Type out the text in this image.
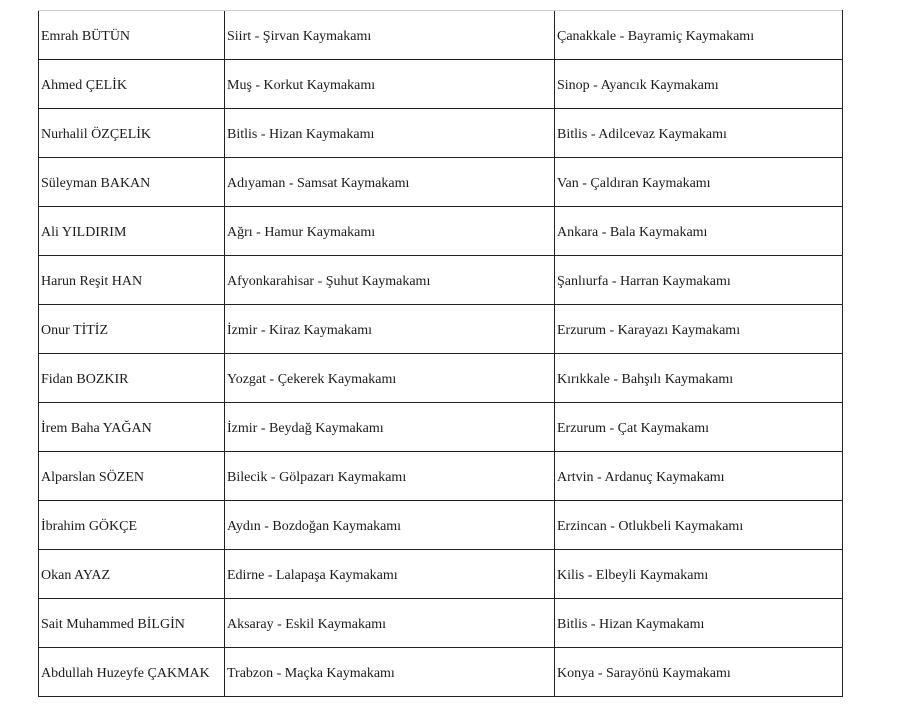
Emrah BÜTÜN	Siirt - Şirvan Kaymakamı	Çanakkale - Bayramiç Kaymakamı
Ahmed ÇELİK	Muş - Korkut Kaymakamı	Sinop - Ayancık Kaymakamı
Nurhalil ÖZÇELİK	Bitlis - Hizan Kaymakamı	Bitlis - Adilcevaz Kaymakamı
Süleyman BAKAN	Adıyaman - Samsat Kaymakamı	Van - Çaldıran Kaymakamı
Ali YILDIRIM	Ağrı - Hamur Kaymakamı	Ankara - Bala Kaymakamı
Harun Reşit HAN	Afyonkarahisar - Şuhut Kaymakamı	Şanlıurfa - Harran Kaymakamı
Onur TİTİZ	İzmir - Kiraz Kaymakamı	Erzurum - Karayazı Kaymakamı
Fidan BOZKIR	Yozgat - Çekerek Kaymakamı	Kırıkkale - Bahşılı Kaymakamı
İrem Baha YAĞAN	İzmir - Beydağ Kaymakamı	Erzurum - Çat Kaymakamı
Alparslan SÖZEN	Bilecik - Gölpazarı Kaymakamı	Artvin - Ardanuç Kaymakamı
İbrahim GÖKÇE	Aydın - Bozdoğan Kaymakamı	Erzincan - Otlukbeli Kaymakamı
Okan AYAZ	Edirne - Lalapaşa Kaymakamı	Kilis - Elbeyli Kaymakamı
Sait Muhammed BİLGİN	Aksaray - Eskil Kaymakamı	Bitlis - Hizan Kaymakamı
Abdullah Huzeyfe ÇAKMAK	Trabzon - Maçka Kaymakamı	Konya - Sarayönü Kaymakamı
